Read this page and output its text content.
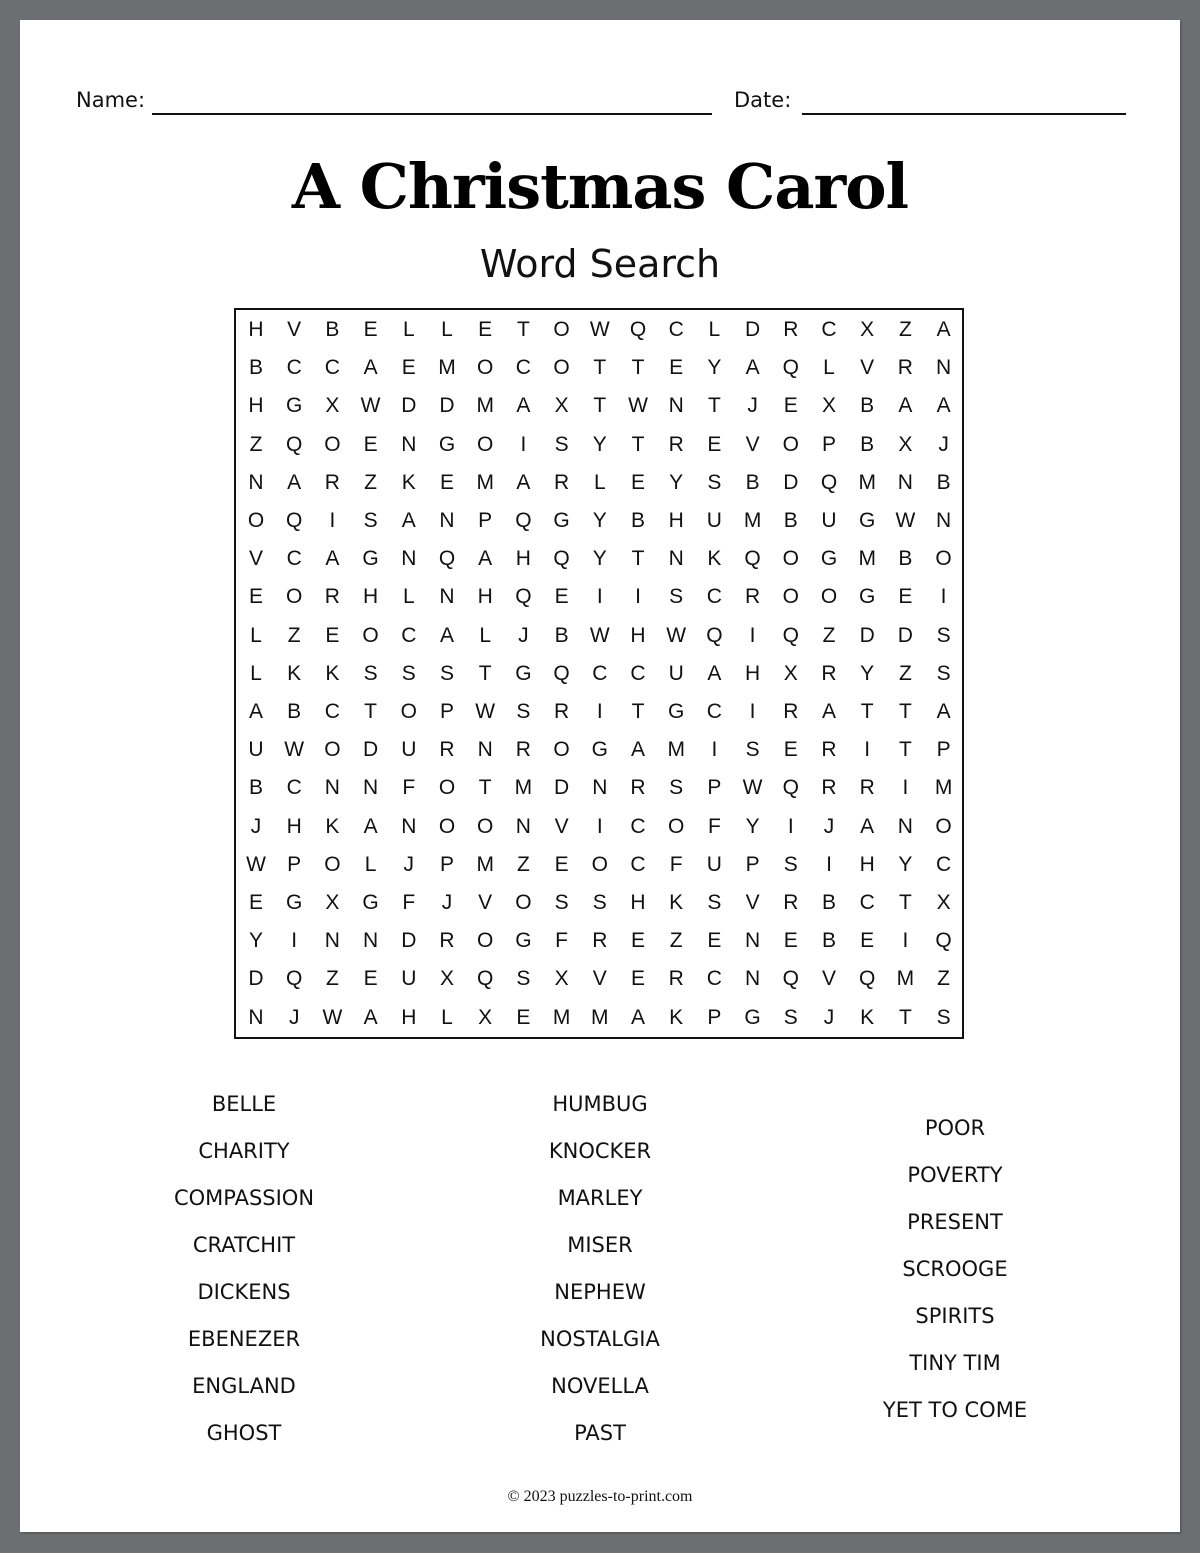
Name:	Date:
A Christmas Carol
Word Search
H	V	B	E	L	L	E	T	O W Q	C	L	D	R	C	X	Z	A
B	C	C	A	E	M	O	C	O	T	T	E	Y	A	Q	L	V	R	N
H	G	X	W D	D	M	A	X	T	W N	T	J	E	X	B	A	A
Z	Q	O	E	N	G	O	I	S	Y	T	R	E	V	O	P	B	X	J
N	A	R	Z	K	E	M	A	R	L	E	Y	S	B	D	Q	M	N	B
O	Q	I	S	A	N	P	Q	G	Y	B	H	U	M	B	U	G W N
V	C	A	G	N	Q	A	H	Q	Y	T	N	K	Q	O	G	M	B	O
E	O	R	H	L	N	H	Q	E	I	I	S	C	R	O	O	G	E	I
L	Z	E	O	C	A	L	J	B	W H W Q	I	Q	Z	D	D	S
L	K	K	S	S	S	T	G	Q	C	C	U	A	H	X	R	Y	Z	S
A	B	C	T	O	P	W	S	R	I	T	G	C	I	R	A	T	T	A
U W O	D	U	R	N	R	O	G	A	M	I	S	E	R	I	T	P
B	C	N	N	F	O	T	M	D	N	R	S	P	W Q	R	R	I	M
J	H	K	A	N	O	O	N	V	I	C	O	F	Y	I	J	A	N	O
W	P	O	L	J	P	M	Z	E	O	C	F	U	P	S	I	H	Y	C
E	G	X	G	F	J	V	O	S	S	H	K	S	V	R	B	C	T	X
Y	I	N	N	D	R	O	G	F	R	E	Z	E	N	E	B	E	I	Q
D	Q	Z	E	U	X	Q	S	X	V	E	R	C	N	Q	V	Q	M	Z
N	J	W	A	H	L	X	E	M M	A	K	P	G	S	J	K	T	S
BELLE
CHARITY
COMPASSION
CRATCHIT
DICKENS
EBENEZER
ENGLAND
GHOST
HUMBUG
KNOCKER
MARLEY
MISER
NEPHEW
NOSTALGIA
NOVELLA
PAST
POOR
POVERTY
PRESENT
SCROOGE
SPIRITS
TINY TIM
YET TO COME
© 2023 puzzles-to-print.com
